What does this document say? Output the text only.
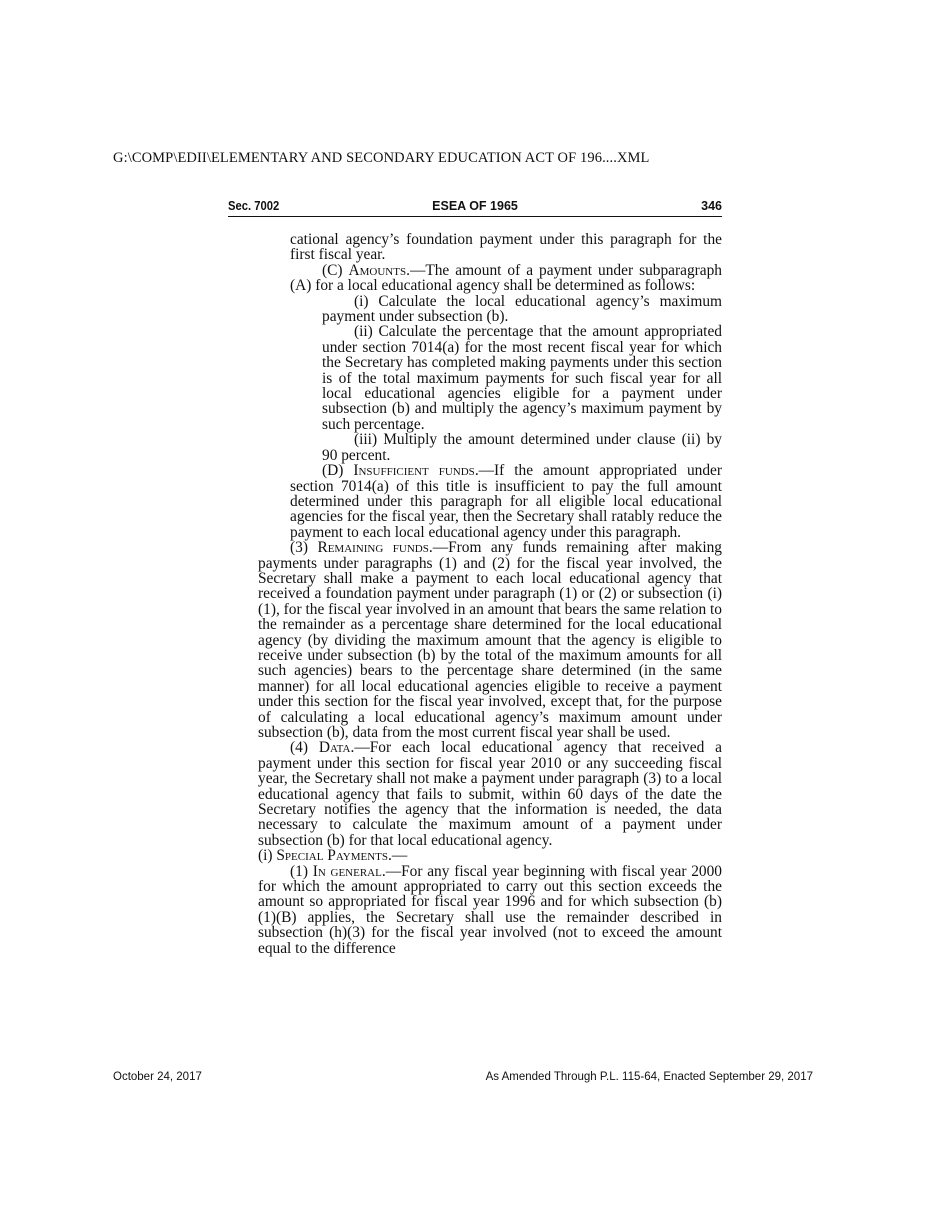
G:\COMP\EDII\ELEMENTARY AND SECONDARY EDUCATION ACT OF 196....XML
Sec. 7002	ESEA OF 1965	346

cational agency’s foundation payment under this paragraph for the first fiscal year.

(C) Amounts.—The amount of a payment under subparagraph (A) for a local educational agency shall be determined as follows:

(i) Calculate the local educational agency’s maximum payment under subsection (b).

(ii) Calculate the percentage that the amount appropriated under section 7014(a) for the most recent fiscal year for which the Secretary has completed making payments under this section is of the total maximum payments for such fiscal year for all local educational agencies eligible for a payment under subsection (b) and multiply the agency’s maximum payment by such percentage.

(iii) Multiply the amount determined under clause (ii) by 90 percent.

(D) Insufficient funds.—If the amount appropriated under section 7014(a) of this title is insufficient to pay the full amount determined under this paragraph for all eligible local educational agencies for the fiscal year, then the Secretary shall ratably reduce the payment to each local educational agency under this paragraph.

(3) Remaining funds.—From any funds remaining after making payments under paragraphs (1) and (2) for the fiscal year involved, the Secretary shall make a payment to each local educational agency that received a foundation payment under paragraph (1) or (2) or subsection (i)(1), for the fiscal year involved in an amount that bears the same relation to the remainder as a percentage share determined for the local educational agency (by dividing the maximum amount that the agency is eligible to receive under subsection (b) by the total of the maximum amounts for all such agencies) bears to the percentage share determined (in the same manner) for all local educational agencies eligible to receive a payment under this section for the fiscal year involved, except that, for the purpose of calculating a local educational agency’s maximum amount under subsection (b), data from the most current fiscal year shall be used.

(4) Data.—For each local educational agency that received a payment under this section for fiscal year 2010 or any succeeding fiscal year, the Secretary shall not make a payment under paragraph (3) to a local educational agency that fails to submit, within 60 days of the date the Secretary notifies the agency that the information is needed, the data necessary to calculate the maximum amount of a payment under subsection (b) for that local educational agency.

(i) Special Payments.—

(1) In general.—For any fiscal year beginning with fiscal year 2000 for which the amount appropriated to carry out this section exceeds the amount so appropriated for fiscal year 1996 and for which subsection (b)(1)(B) applies, the Secretary shall use the remainder described in subsection (h)(3) for the fiscal year involved (not to exceed the amount equal to the difference

October 24, 2017	As Amended Through P.L. 115-64, Enacted September 29, 2017
